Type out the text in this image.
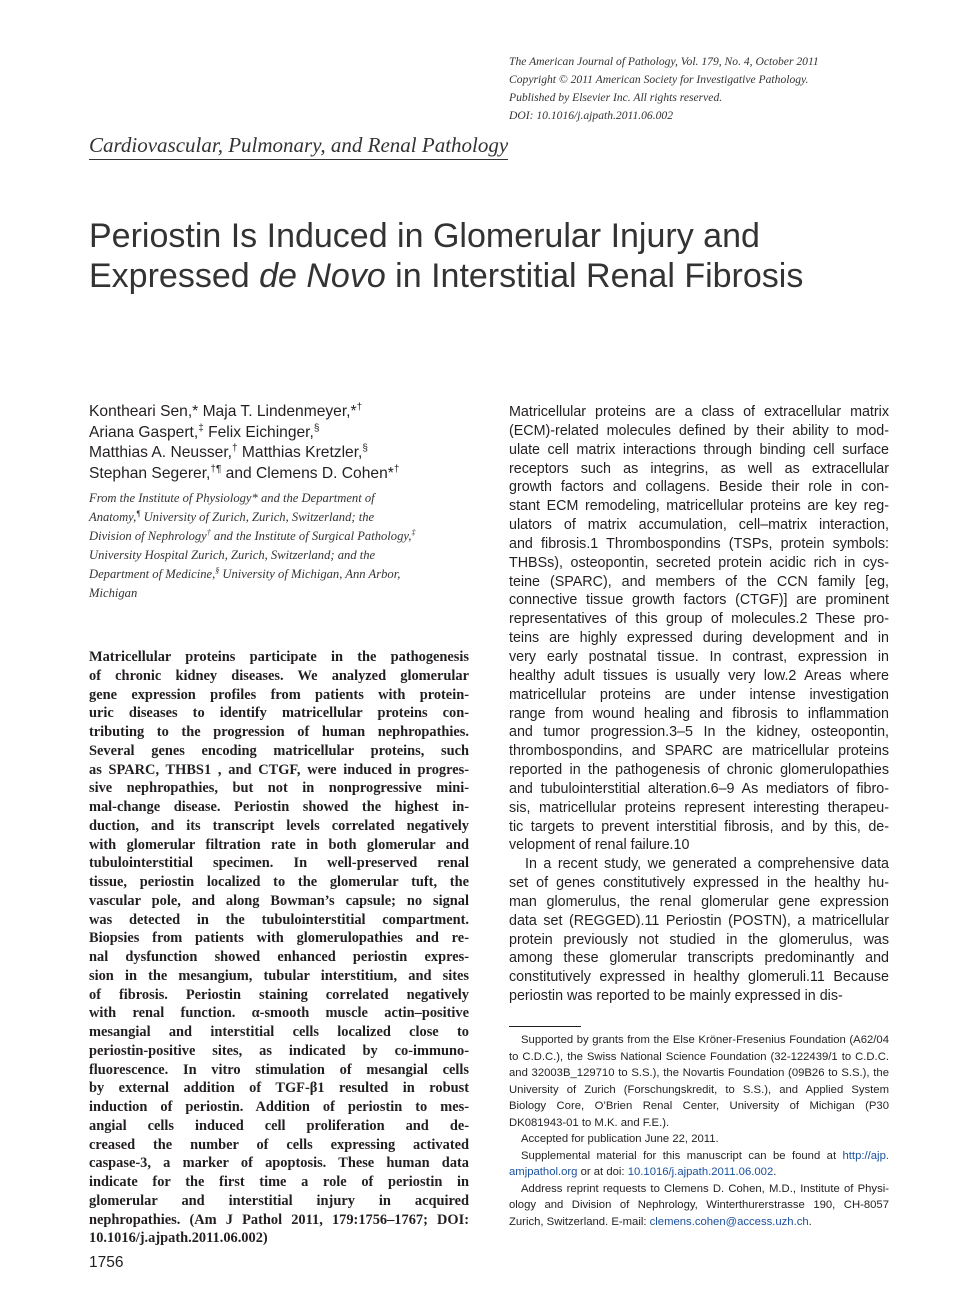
The American Journal of Pathology, Vol. 179, No. 4, October 2011
Copyright © 2011 American Society for Investigative Pathology.
Published by Elsevier Inc. All rights reserved.
DOI: 10.1016/j.ajpath.2011.06.002
Cardiovascular, Pulmonary, and Renal Pathology
Periostin Is Induced in Glomerular Injury and
Expressed de Novo in Interstitial Renal Fibrosis
Kontheari Sen,* Maja T. Lindenmeyer,*†
Ariana Gaspert,‡ Felix Eichinger,§
Matthias A. Neusser,† Matthias Kretzler,§
Stephan Segerer,†¶ and Clemens D. Cohen*†
From the Institute of Physiology* and the Department of
Anatomy,¶ University of Zurich, Zurich, Switzerland; the
Division of Nephrology† and the Institute of Surgical Pathology,‡
University Hospital Zurich, Zurich, Switzerland; and the
Department of Medicine,§ University of Michigan, Ann Arbor,
Michigan
Matricellular proteins participate in the pathogenesis
of chronic kidney diseases. We analyzed glomerular
gene expression profiles from patients with protein-
uric diseases to identify matricellular proteins con-
tributing to the progression of human nephropathies.
Several genes encoding matricellular proteins, such
as SPARC, THBS1 , and CTGF, were induced in progres-
sive nephropathies, but not in nonprogressive mini-
mal-change disease. Periostin showed the highest in-
duction, and its transcript levels correlated negatively
with glomerular filtration rate in both glomerular and
tubulointerstitial specimen. In well-preserved renal
tissue, periostin localized to the glomerular tuft, the
vascular pole, and along Bowman’s capsule; no signal
was detected in the tubulointerstitial compartment.
Biopsies from patients with glomerulopathies and re-
nal dysfunction showed enhanced periostin expres-
sion in the mesangium, tubular interstitium, and sites
of fibrosis. Periostin staining correlated negatively
with renal function. α-smooth muscle actin–positive
mesangial and interstitial cells localized close to
periostin-positive sites, as indicated by co-immuno-
fluorescence. In vitro stimulation of mesangial cells
by external addition of TGF-β1 resulted in robust
induction of periostin. Addition of periostin to mes-
angial cells induced cell proliferation and de-
creased the number of cells expressing activated
caspase-3, a marker of apoptosis. These human data
indicate for the first time a role of periostin in
glomerular and interstitial injury in acquired
nephropathies. (Am J Pathol 2011, 179:1756–1767; DOI:
10.1016/j.ajpath.2011.06.002)
Matricellular proteins are a class of extracellular matrix
(ECM)-related molecules defined by their ability to mod-
ulate cell matrix interactions through binding cell surface
receptors such as integrins, as well as extracellular
growth factors and collagens. Beside their role in con-
stant ECM remodeling, matricellular proteins are key reg-
ulators of matrix accumulation, cell–matrix interaction,
and fibrosis.1 Thrombospondins (TSPs, protein symbols:
THBSs), osteopontin, secreted protein acidic rich in cys-
teine (SPARC), and members of the CCN family [eg,
connective tissue growth factors (CTGF)] are prominent
representatives of this group of molecules.2 These pro-
teins are highly expressed during development and in
very early postnatal tissue. In contrast, expression in
healthy adult tissues is usually very low.2 Areas where
matricellular proteins are under intense investigation
range from wound healing and fibrosis to inflammation
and tumor progression.3–5 In the kidney, osteopontin,
thrombospondins, and SPARC are matricellular proteins
reported in the pathogenesis of chronic glomerulopathies
and tubulointerstitial alteration.6–9 As mediators of fibro-
sis, matricellular proteins represent interesting therapeu-
tic targets to prevent interstitial fibrosis, and by this, de-
velopment of renal failure.10
In a recent study, we generated a comprehensive data
set of genes constitutively expressed in the healthy hu-
man glomerulus, the renal glomerular gene expression
data set (REGGED).11 Periostin (POSTN), a matricellular
protein previously not studied in the glomerulus, was
among these glomerular transcripts predominantly and
constitutively expressed in healthy glomeruli.11 Because
periostin was reported to be mainly expressed in dis-
Supported by grants from the Else Kröner-Fresenius Foundation (A62/04
to C.D.C.), the Swiss National Science Foundation (32-122439/1 to C.D.C.
and 32003B_129710 to S.S.), the Novartis Foundation (09B26 to S.S.), the
University of Zurich (Forschungskredit, to S.S.), and Applied System
Biology Core, O’Brien Renal Center, University of Michigan (P30
DK081943-01 to M.K. and F.E.).
Accepted for publication June 22, 2011.
Supplemental material for this manuscript can be found at http://ajp.
amjpathol.org or at doi: 10.1016/j.ajpath.2011.06.002.
Address reprint requests to Clemens D. Cohen, M.D., Institute of Physi-
ology and Division of Nephrology, Winterthurerstrasse 190, CH-8057
Zurich, Switzerland. E-mail: clemens.cohen@access.uzh.ch.
1756
